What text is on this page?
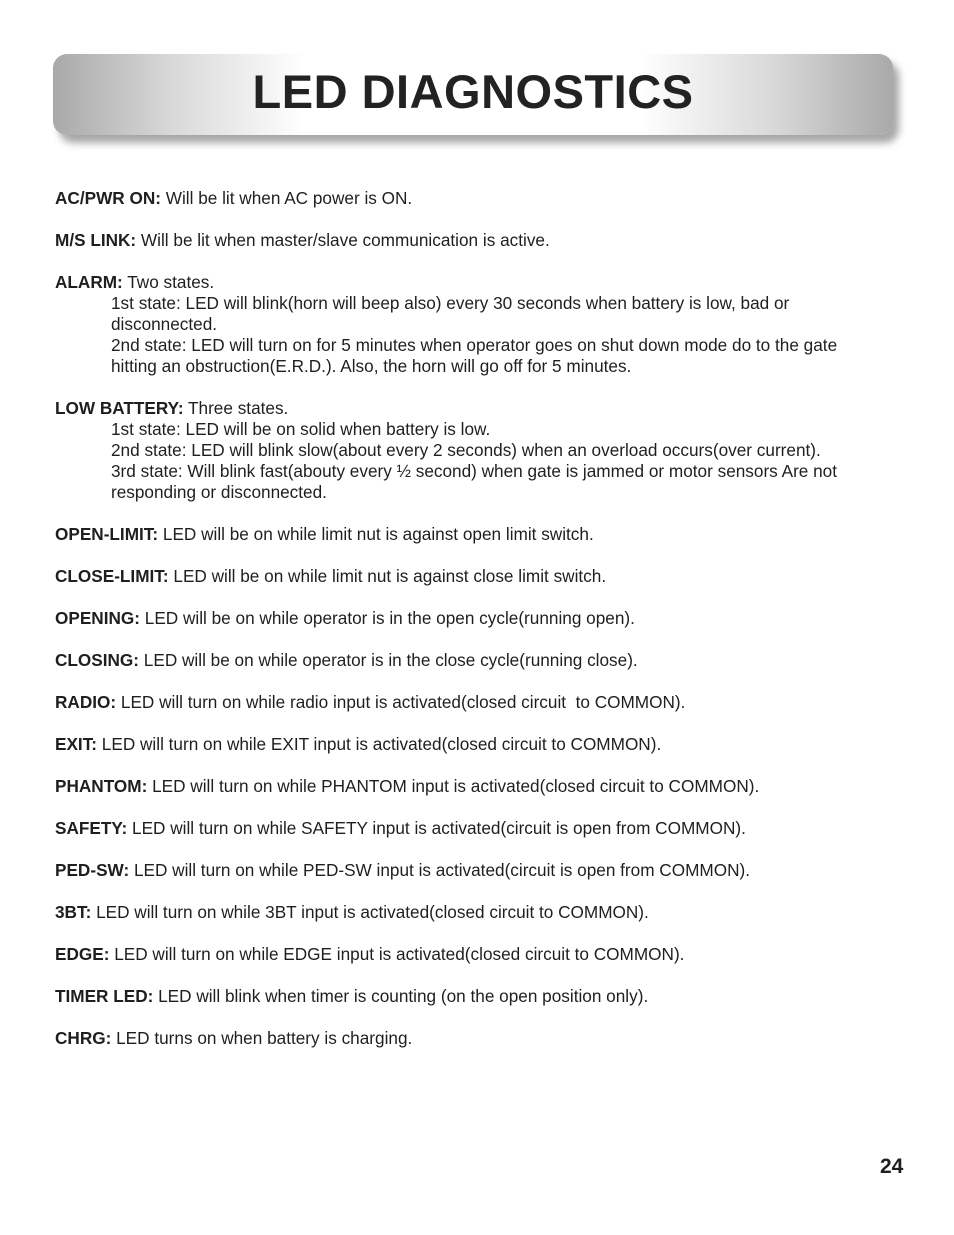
LED DIAGNOSTICS
AC/PWR ON: Will be lit when AC power is ON.
M/S LINK: Will be lit when master/slave communication is active.
ALARM: Two states.
1st state: LED will blink(horn will beep also) every 30 seconds when battery is low, bad or disconnected.
2nd state: LED will turn on for 5 minutes when operator goes on shut down mode do to the gate hitting an obstruction(E.R.D.). Also, the horn will go off for 5 minutes.
LOW BATTERY: Three states.
1st state: LED will be on solid when battery is low.
2nd state: LED will blink slow(about every 2 seconds) when an overload occurs(over current).
3rd state: Will blink fast(abouty every ½ second) when gate is jammed or motor sensors Are not responding or disconnected.
OPEN-LIMIT: LED will be on while limit nut is against open limit switch.
CLOSE-LIMIT: LED will be on while limit nut is against close limit switch.
OPENING: LED will be on while operator is in the open cycle(running open).
CLOSING: LED will be on while operator is in the close cycle(running close).
RADIO: LED will turn on while radio input is activated(closed circuit  to COMMON).
EXIT: LED will turn on while EXIT input is activated(closed circuit to COMMON).
PHANTOM: LED will turn on while PHANTOM input is activated(closed circuit to COMMON).
SAFETY: LED will turn on while SAFETY input is activated(circuit is open from COMMON).
PED-SW: LED will turn on while PED-SW input is activated(circuit is open from COMMON).
3BT: LED will turn on while 3BT input is activated(closed circuit to COMMON).
EDGE: LED will turn on while EDGE input is activated(closed circuit to COMMON).
TIMER LED: LED will blink when timer is counting (on the open position only).
CHRG: LED turns on when battery is charging.
24
